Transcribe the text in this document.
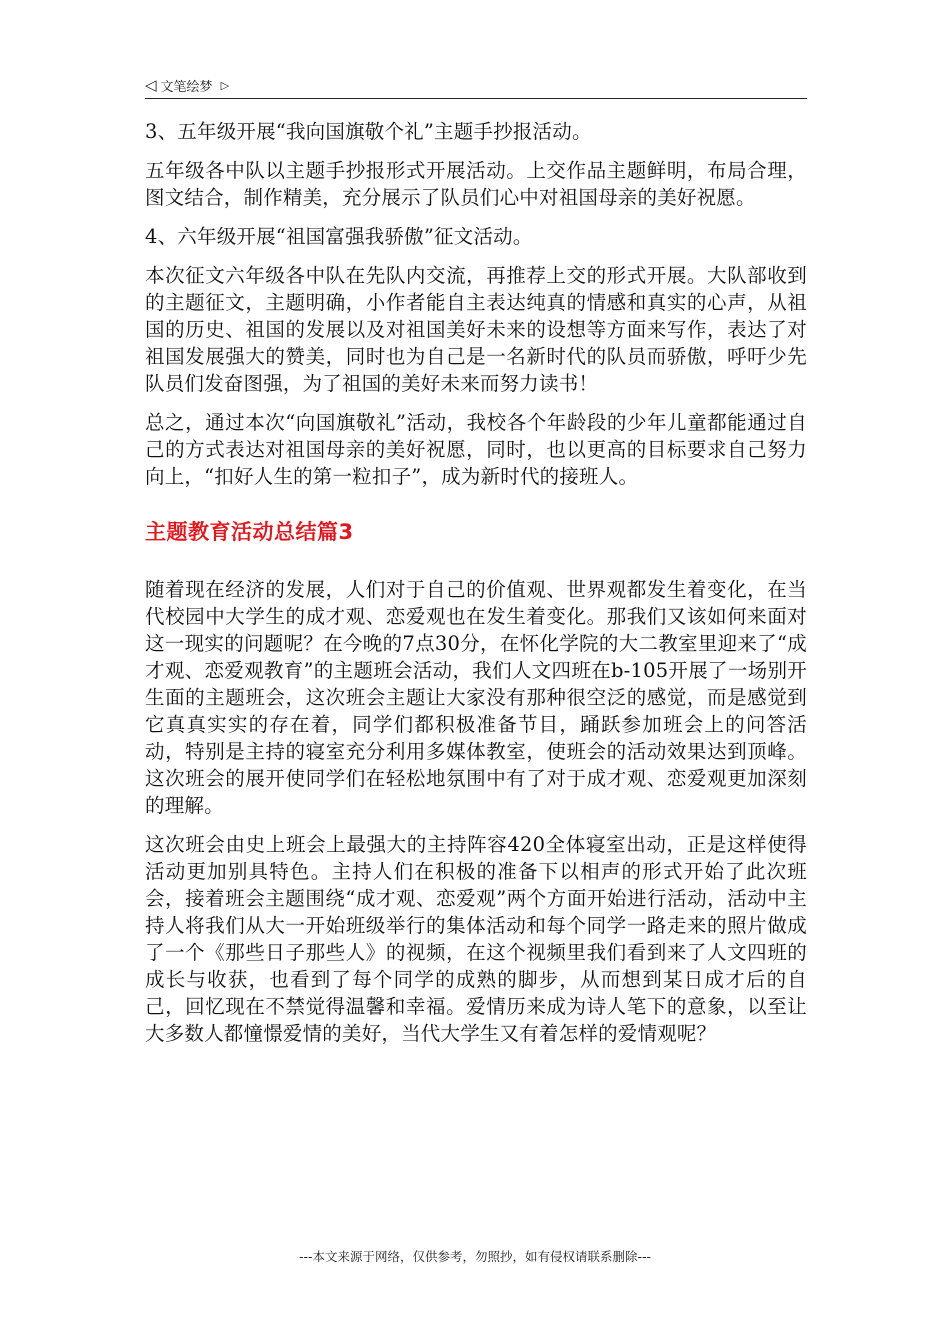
◁ 文笔绘梦 ▷

3、五年级开展“我向国旗敬个礼”主题手抄报活动。

五年级各中队以主题手抄报形式开展活动。上交作品主题鲜明，布局合理，图文结合，制作精美，充分展示了队员们心中对祖国母亲的美好祝愿。

4、六年级开展“祖国富强我骄傲”征文活动。

本次征文六年级各中队在先队内交流，再推荐上交的形式开展。大队部收到的主题征文，主题明确，小作者能自主表达纯真的情感和真实的心声，从祖国的历史、祖国的发展以及对祖国美好未来的设想等方面来写作，表达了对祖国发展强大的赞美，同时也为自己是一名新时代的队员而骄傲，呼吁少先队员们发奋图强，为了祖国的美好未来而努力读书！

总之，通过本次“向国旗敬礼”活动，我校各个年龄段的少年儿童都能通过自己的方式表达对祖国母亲的美好祝愿，同时，也以更高的目标要求自己努力向上，“扣好人生的第一粒扣子”，成为新时代的接班人。

主题教育活动总结篇3

随着现在经济的发展，人们对于自己的价值观、世界观都发生着变化，在当代校园中大学生的成才观、恋爱观也在发生着变化。那我们又该如何来面对这一现实的问题呢？在今晚的7点30分，在怀化学院的大二教室里迎来了“成才观、恋爱观教育”的主题班会活动，我们人文四班在b-105开展了一场别开生面的主题班会，这次班会主题让大家没有那种很空泛的感觉，而是感觉到它真真实实的存在着，同学们都积极准备节目，踊跃参加班会上的问答活动，特别是主持的寝室充分利用多媒体教室，使班会的活动效果达到顶峰。这次班会的展开使同学们在轻松地氛围中有了对于成才观、恋爱观更加深刻的理解。

这次班会由史上班会上最强大的主持阵容420全体寝室出动，正是这样使得活动更加别具特色。主持人们在积极的准备下以相声的形式开始了此次班会，接着班会主题围绕“成才观、恋爱观”两个方面开始进行活动，活动中主持人将我们从大一开始班级举行的集体活动和每个同学一路走来的照片做成了一个《那些日子那些人》的视频，在这个视频里我们看到来了人文四班的成长与收获，也看到了每个同学的成熟的脚步，从而想到某日成才后的自己，回忆现在不禁觉得温馨和幸福。爱情历来成为诗人笔下的意象，以至让大多数人都憧憬爱情的美好，当代大学生又有着怎样的爱情观呢？

---本文来源于网络，仅供参考，勿照抄，如有侵权请联系删除---
